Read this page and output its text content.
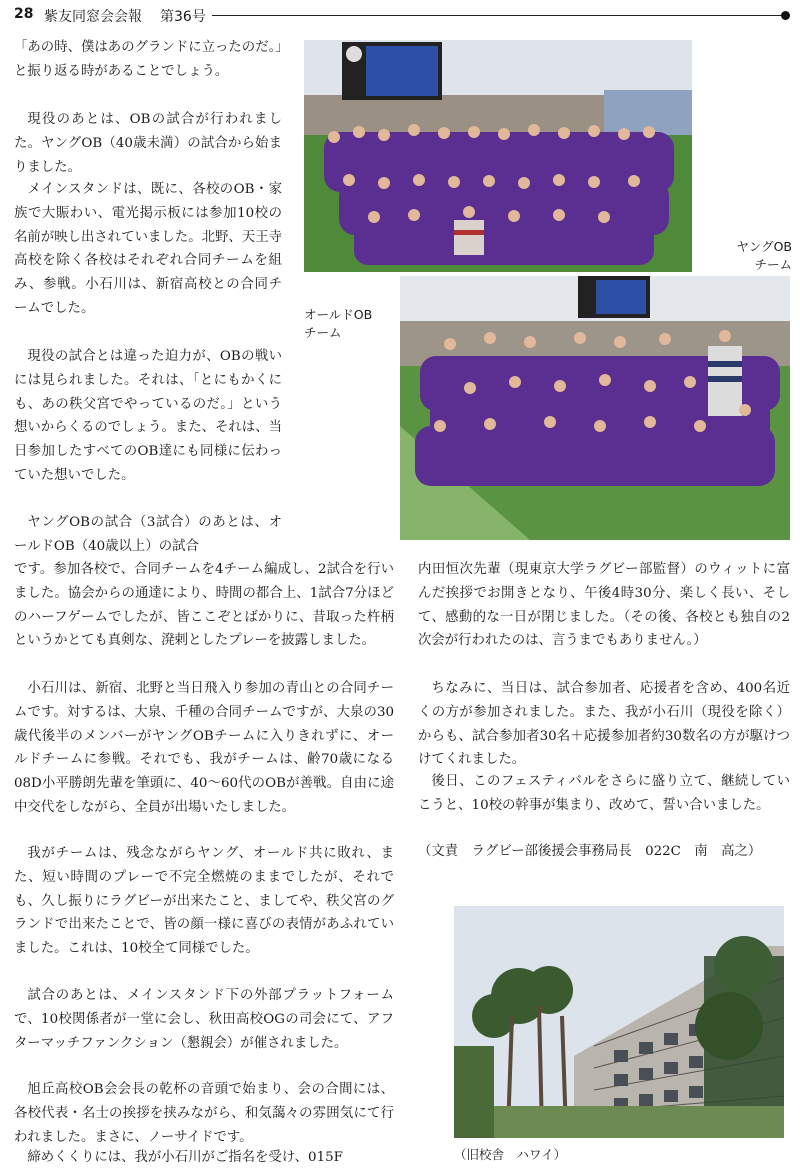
28 紫友同窓会会報 第36号

「あの時、僕はあのグランドに立ったのだ。」と振り返る時があることでしょう。

現役のあとは、OBの試合が行われました。ヤングOB（40歳未満）の試合から始まりました。

メインスタンドは、既に、各校のOB・家族で大賑わい、電光掲示板には参加10校の名前が映し出されていました。北野、天王寺高校を除く各校はそれぞれ合同チームを組み、参戦。小石川は、新宿高校との合同チームでした。

現役の試合とは違った迫力が、OBの戦いには見られました。それは、「とにもかくにも、あの秩父宮でやっているのだ。」という想いからくるのでしょう。また、それは、当日参加したすべてのOB達にも同様に伝わっていた想いでした。

ヤングOBの試合（3試合）のあとは、オールドOB（40歳以上）の試合

です。参加各校で、合同チームを4チーム編成し、2試合を行いました。協会からの通達により、時間の都合上、1試合7分ほどのハーフゲームでしたが、皆ここぞとばかりに、昔取った杵柄というかとても真剣な、溌剌としたプレーを披露しました。

小石川は、新宿、北野と当日飛入り参加の青山との合同チームです。対するは、大泉、千種の合同チームですが、大泉の30歳代後半のメンバーがヤングOBチームに入りきれずに、オールドチームに参戦。それでも、我がチームは、齢70歳になる08D小平勝朗先輩を筆頭に、40〜60代のOBが善戦。自由に途中交代をしながら、全員が出場いたしました。

我がチームは、残念ながらヤング、オールド共に敗れ、また、短い時間のプレーで不完全燃焼のままでしたが、それでも、久し振りにラグビーが出来たこと、ましてや、秩父宮のグランドで出来たことで、皆の顔一様に喜びの表情があふれていました。これは、10校全て同様でした。

試合のあとは、メインスタンド下の外部プラットフォームで、10校関係者が一堂に会し、秋田高校OGの司会にて、アフターマッチファンクション（懇親会）が催されました。

旭丘高校OB会会長の乾杯の音頭で始まり、会の合間には、各校代表・名士の挨拶を挟みながら、和気藹々の雰囲気にて行われました。まさに、ノーサイドです。

締めくくりには、我が小石川がご指名を受け、015F

内田恒次先輩（現東京大学ラグビー部監督）のウィットに富んだ挨拶でお開きとなり、午後4時30分、楽しく長い、そして、感動的な一日が閉じました。（その後、各校とも独自の2次会が行われたのは、言うまでもありません。）

ちなみに、当日は、試合参加者、応援者を含め、400名近くの方が参加されました。また、我が小石川（現役を除く）からも、試合参加者30名＋応援参加者約30数名の方が駆けつけてくれました。

後日、このフェスティバルをさらに盛り立て、継続していこうと、10校の幹事が集まり、改めて、誓い合いました。

（文責　ラグビー部後援会事務局長　022C　南　高之）

ヤングOB
チーム
オールドOB
チーム
（旧校舎　ハワイ）
